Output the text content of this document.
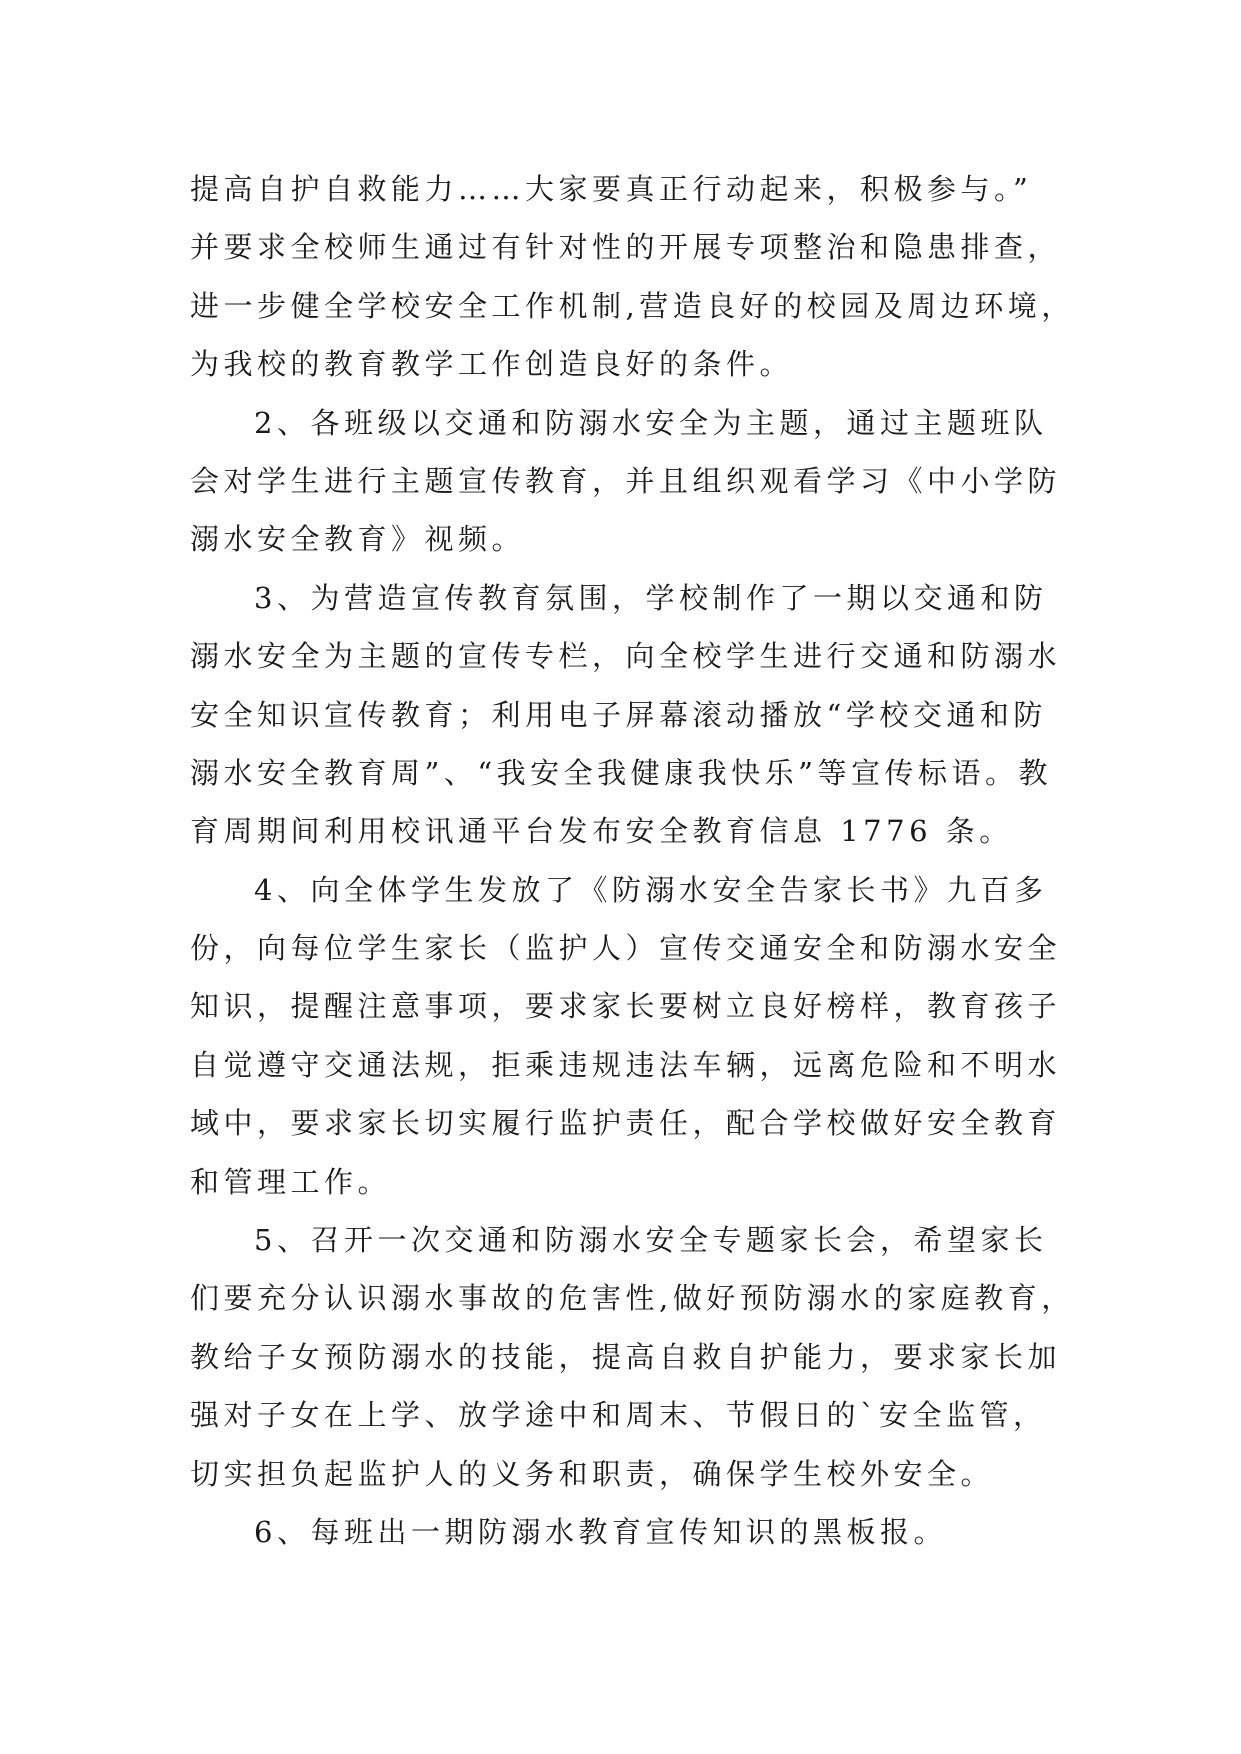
提高自护自救能力……大家要真正行动起来，积极参与。”
并要求全校师生通过有针对性的开展专项整治和隐患排查，
进一步健全学校安全工作机制,营造良好的校园及周边环境，
为我校的教育教学工作创造良好的条件。
2、各班级以交通和防溺水安全为主题，通过主题班队
会对学生进行主题宣传教育，并且组织观看学习《中小学防
溺水安全教育》视频。
3、为营造宣传教育氛围，学校制作了一期以交通和防
溺水安全为主题的宣传专栏，向全校学生进行交通和防溺水
安全知识宣传教育；利用电子屏幕滚动播放“学校交通和防
溺水安全教育周”、“我安全我健康我快乐”等宣传标语。教
育周期间利用校讯通平台发布安全教育信息 1776 条。
4、向全体学生发放了《防溺水安全告家长书》九百多
份，向每位学生家长（监护人）宣传交通安全和防溺水安全
知识，提醒注意事项，要求家长要树立良好榜样，教育孩子
自觉遵守交通法规，拒乘违规违法车辆，远离危险和不明水
域中，要求家长切实履行监护责任，配合学校做好安全教育
和管理工作。
5、召开一次交通和防溺水安全专题家长会，希望家长
们要充分认识溺水事故的危害性,做好预防溺水的家庭教育，
教给子女预防溺水的技能，提高自救自护能力，要求家长加
强对子女在上学、放学途中和周末、节假日的`安全监管，
切实担负起监护人的义务和职责，确保学生校外安全。
6、每班出一期防溺水教育宣传知识的黑板报。
